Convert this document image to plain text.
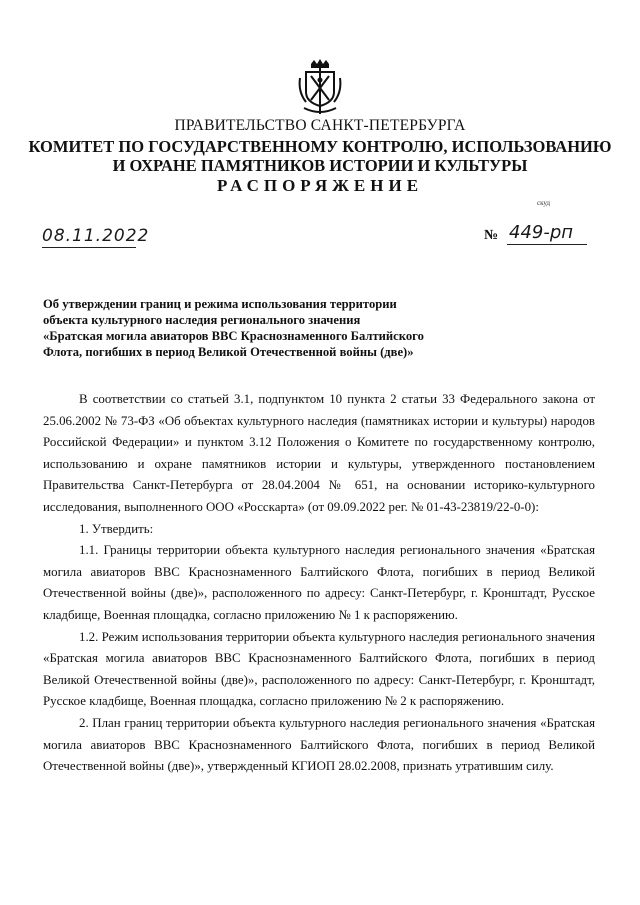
ПРАВИТЕЛЬСТВО САНКТ-ПЕТЕРБУРГА
КОМИТЕТ ПО ГОСУДАРСТВЕННОМУ КОНТРОЛЮ, ИСПОЛЬЗОВАНИЮ
И ОХРАНЕ ПАМЯТНИКОВ ИСТОРИИ И КУЛЬТУРЫ
РАСПОРЯЖЕНИЕ
скуд
08.11.2022	№ 449-рп
Об утверждении границ и режима использования территории
объекта культурного наследия регионального значения
«Братская могила авиаторов ВВС Краснознаменного Балтийского
Флота, погибших в период Великой Отечественной войны (две)»

В соответствии со статьей 3.1, подпунктом 10 пункта 2 статьи 33 Федерального закона от 25.06.2002 № 73-ФЗ «Об объектах культурного наследия (памятниках истории и культуры) народов Российской Федерации» и пунктом 3.12 Положения о Комитете по государственному контролю, использованию и охране памятников истории и культуры, утвержденного постановлением Правительства Санкт-Петербурга от 28.04.2004 № 651, на основании историко-культурного исследования, выполненного ООО «Росскарта» (от 09.09.2022 рег. № 01-43-23819/22-0-0):

1. Утвердить:

1.1. Границы территории объекта культурного наследия регионального значения «Братская могила авиаторов ВВС Краснознаменного Балтийского Флота, погибших в период Великой Отечественной войны (две)», расположенного по адресу: Санкт-Петербург, г. Кронштадт, Русское кладбище, Военная площадка, согласно приложению № 1 к распоряжению.

1.2. Режим использования территории объекта культурного наследия регионального значения «Братская могила авиаторов ВВС Краснознаменного Балтийского Флота, погибших в период Великой Отечественной войны (две)», расположенного по адресу: Санкт-Петербург, г. Кронштадт, Русское кладбище, Военная площадка, согласно приложению № 2 к распоряжению.

2. План границ территории объекта культурного наследия регионального значения «Братская могила авиаторов ВВС Краснознаменного Балтийского Флота, погибших в период Великой Отечественной войны (две)», утвержденный КГИОП 28.02.2008, признать утратившим силу.
